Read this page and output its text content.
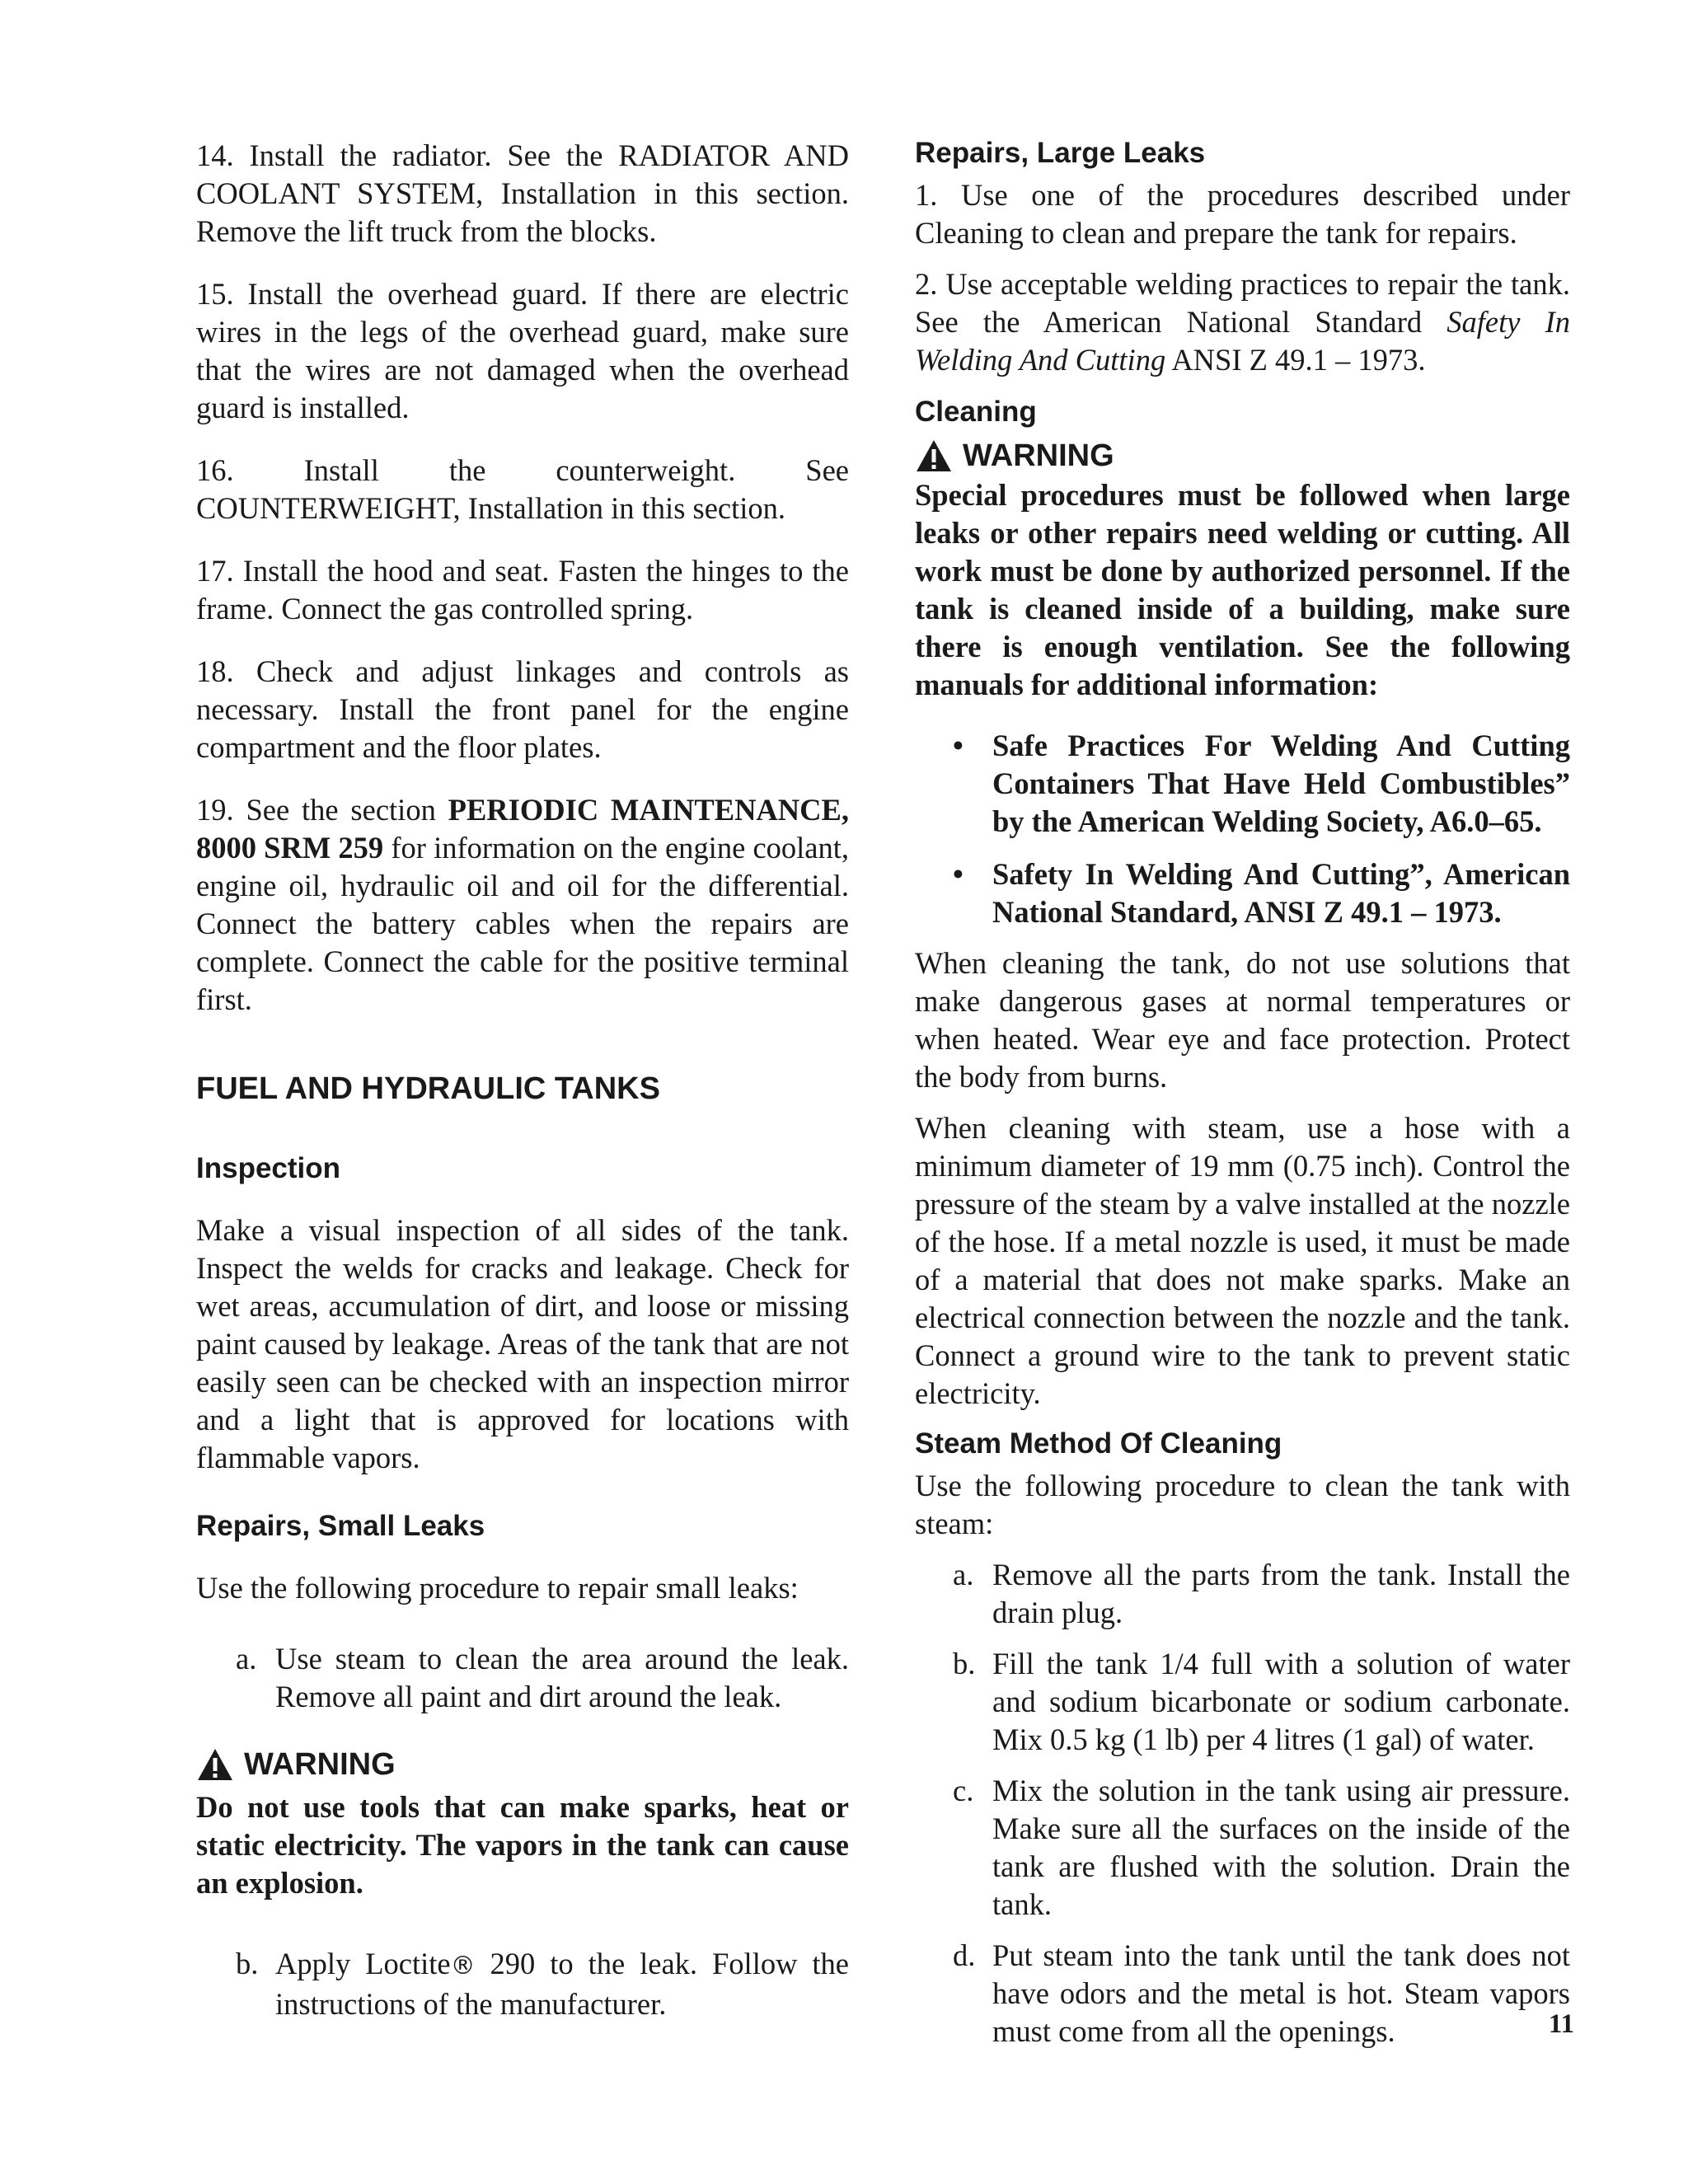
14. Install the radiator. See the RADIATOR AND COOLANT SYSTEM, Installation in this section. Remove the lift truck from the blocks.

15. Install the overhead guard. If there are electric wires in the legs of the overhead guard, make sure that the wires are not damaged when the overhead guard is installed.

16. Install the counterweight. See COUNTERWEIGHT, Installation in this section.

17. Install the hood and seat. Fasten the hinges to the frame. Connect the gas controlled spring.

18. Check and adjust linkages and controls as necessary. Install the front panel for the engine compartment and the floor plates.

19. See the section PERIODIC MAINTENANCE, 8000 SRM 259 for information on the engine coolant, engine oil, hydraulic oil and oil for the differential. Connect the battery cables when the repairs are complete. Connect the cable for the positive terminal first.

FUEL AND HYDRAULIC TANKS
Inspection

Make a visual inspection of all sides of the tank. Inspect the welds for cracks and leakage. Check for wet areas, accumulation of dirt, and loose or missing paint caused by leakage. Areas of the tank that are not easily seen can be checked with an inspection mirror and a light that is approved for locations with flammable vapors.

Repairs, Small Leaks

Use the following procedure to repair small leaks:

a. Use steam to clean the area around the leak. Remove all paint and dirt around the leak.
WARNING

Do not use tools that can make sparks, heat or static electricity. The vapors in the tank can cause an explosion.

b. Apply Loctite® 290 to the leak. Follow the instructions of the manufacturer.
Repairs, Large Leaks

1. Use one of the procedures described under Cleaning to clean and prepare the tank for repairs.

2. Use acceptable welding practices to repair the tank. See the American National Standard Safety In Welding And Cutting ANSI Z 49.1 – 1973.

Cleaning
WARNING

Special procedures must be followed when large leaks or other repairs need welding or cutting. All work must be done by authorized personnel. If the tank is cleaned inside of a building, make sure there is enough ventilation. See the following manuals for additional information:

• Safe Practices For Welding And Cutting Containers That Have Held Combustibles” by the American Welding Society, A6.0–65.
• Safety In Welding And Cutting”, American National Standard, ANSI Z 49.1 – 1973.

When cleaning the tank, do not use solutions that make dangerous gases at normal temperatures or when heated. Wear eye and face protection. Protect the body from burns.

When cleaning with steam, use a hose with a minimum diameter of 19 mm (0.75 inch). Control the pressure of the steam by a valve installed at the nozzle of the hose. If a metal nozzle is used, it must be made of a material that does not make sparks. Make an electrical connection between the nozzle and the tank. Connect a ground wire to the tank to prevent static electricity.

Steam Method Of Cleaning

Use the following procedure to clean the tank with steam:

a. Remove all the parts from the tank. Install the drain plug.
b. Fill the tank 1/4 full with a solution of water and sodium bicarbonate or sodium carbonate. Mix 0.5 kg (1 lb) per 4 litres (1 gal) of water.
c. Mix the solution in the tank using air pressure. Make sure all the surfaces on the inside of the tank are flushed with the solution. Drain the tank.
d. Put steam into the tank until the tank does not have odors and the metal is hot. Steam vapors must come from all the openings.	11
